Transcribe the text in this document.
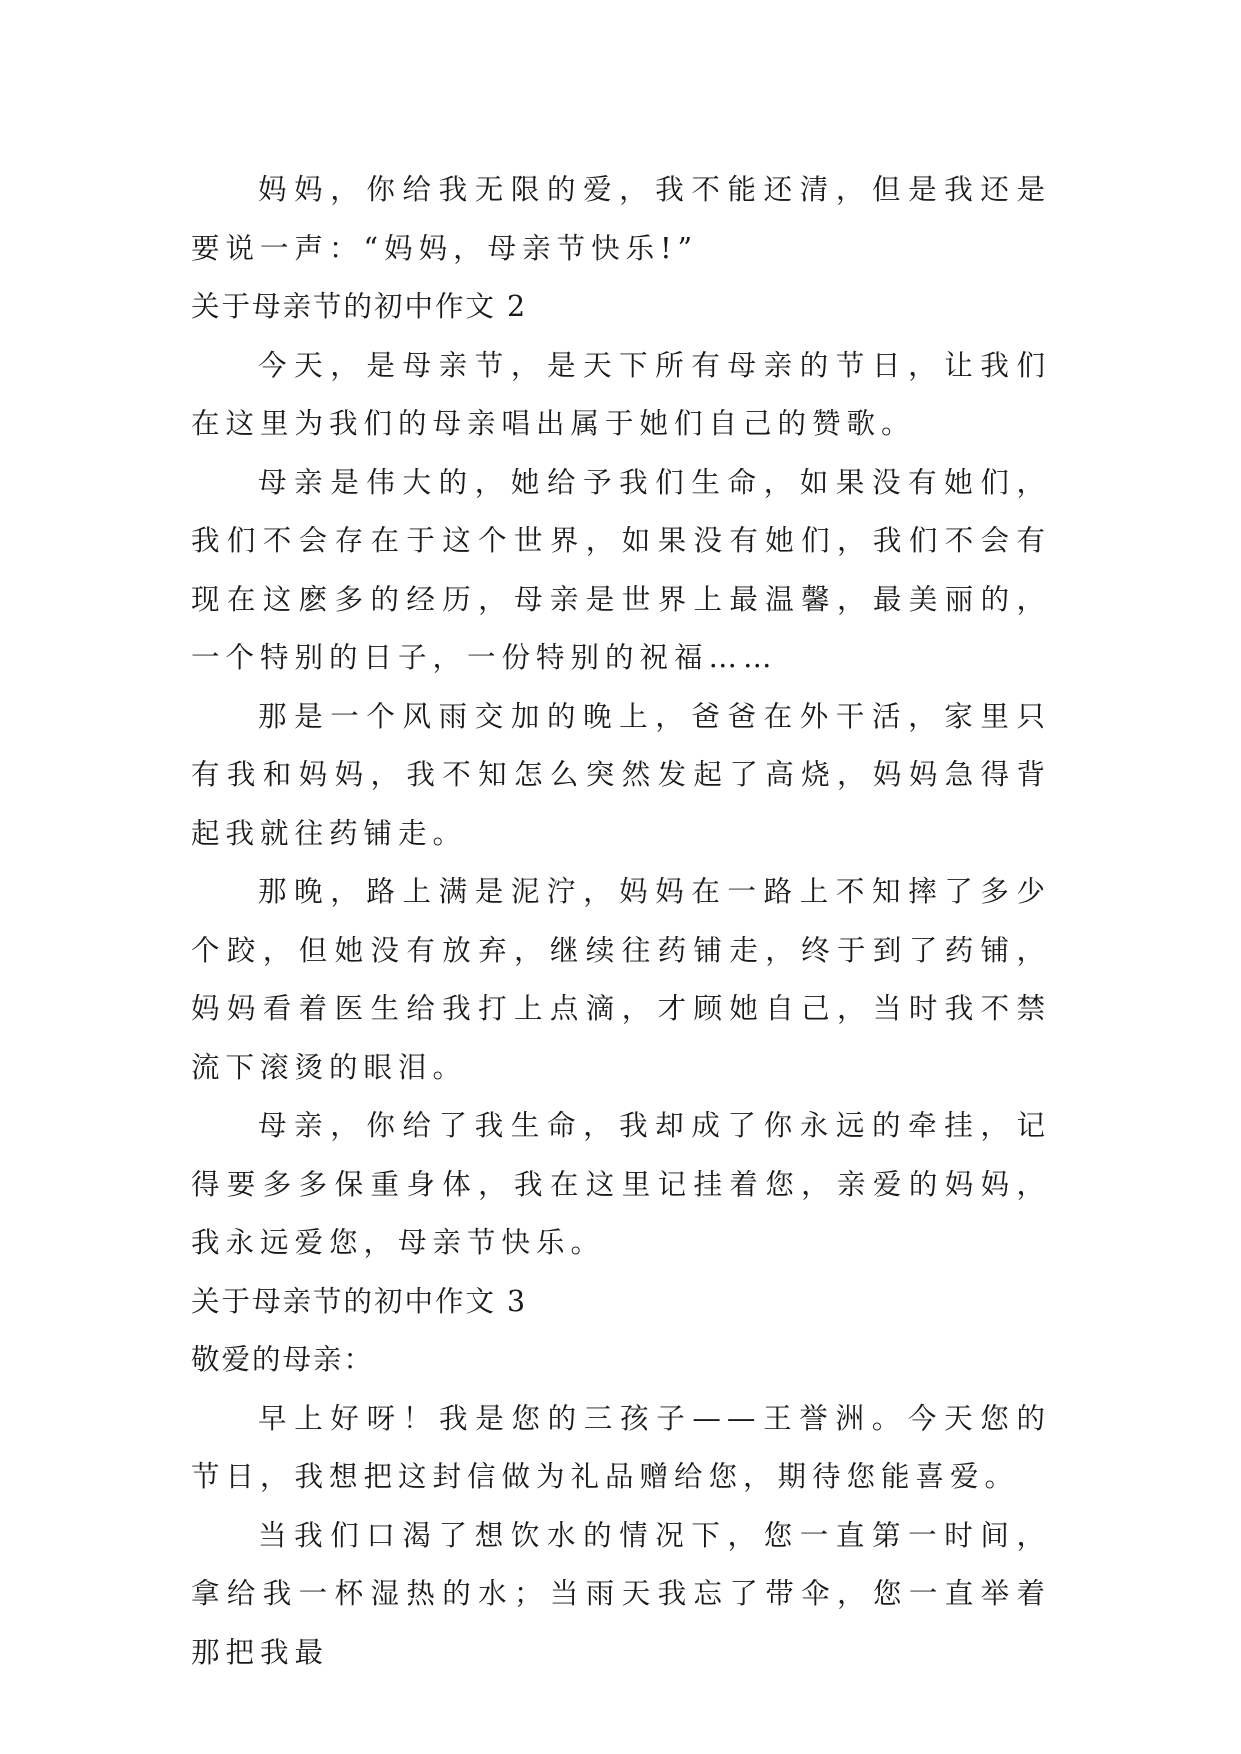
妈妈，你给我无限的爱，我不能还清，但是我还是要说一声：“妈妈，母亲节快乐!”

关于母亲节的初中作文 2

今天，是母亲节，是天下所有母亲的节日，让我们在这里为我们的母亲唱出属于她们自己的赞歌。

母亲是伟大的，她给予我们生命，如果没有她们，我们不会存在于这个世界，如果没有她们，我们不会有现在这麽多的经历，母亲是世界上最温馨，最美丽的，一个特别的日子，一份特别的祝福……

那是一个风雨交加的晚上，爸爸在外干活，家里只有我和妈妈，我不知怎么突然发起了高烧，妈妈急得背起我就往药铺走。

那晚，路上满是泥泞，妈妈在一路上不知摔了多少个跤，但她没有放弃，继续往药铺走，终于到了药铺，妈妈看着医生给我打上点滴，才顾她自己，当时我不禁流下滚烫的眼泪。

母亲，你给了我生命，我却成了你永远的牵挂，记得要多多保重身体，我在这里记挂着您，亲爱的妈妈，我永远爱您，母亲节快乐。

关于母亲节的初中作文 3

敬爱的母亲：

早上好呀！我是您的三孩子——王誉洲。今天您的节日，我想把这封信做为礼品赠给您，期待您能喜爱。

当我们口渴了想饮水的情况下，您一直第一时间，拿给我一杯湿热的水；当雨天我忘了带伞，您一直举着那把我最
